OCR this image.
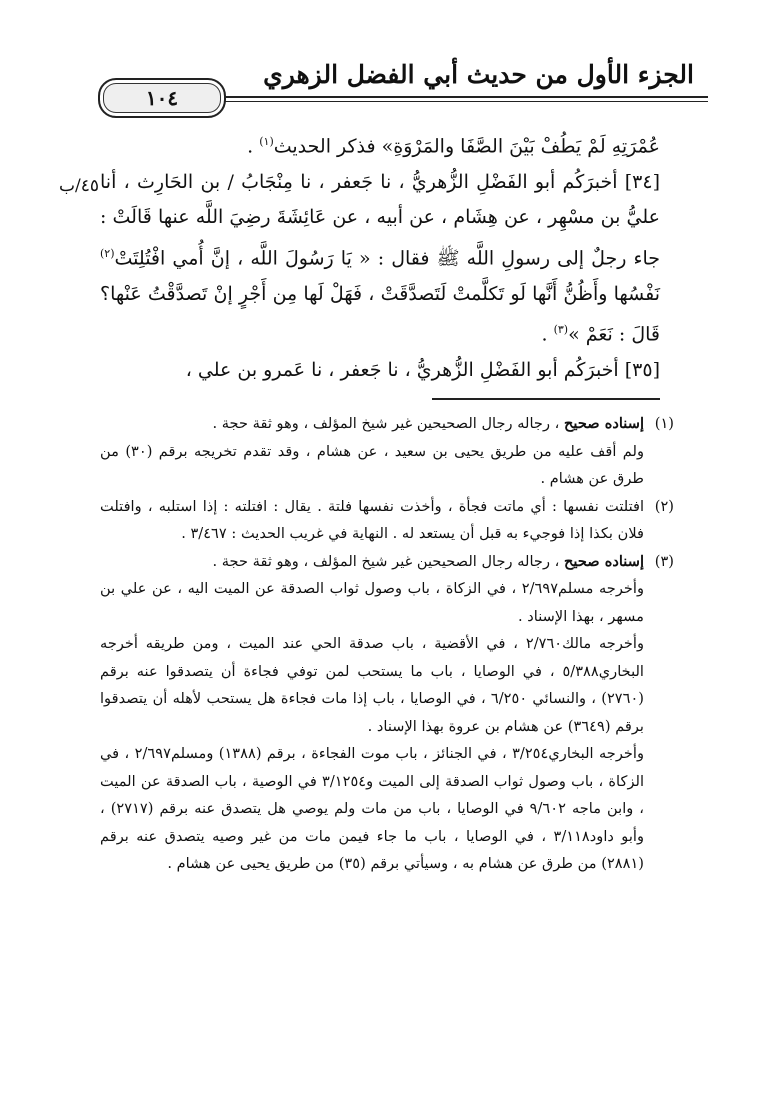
الجزء الأول من حديث أبي الفضل الزهري
١٠٤
٤٥/ب

عُمْرَتِهِ لَمْ يَطُفْ بَيْنَ الصَّفَا والمَرْوَةِ» فذكر الحديث$^{(١)}$ .

[٣٤] أخبرَكُم أبو الفَضْلِ الزُّهريُّ ، نا جَعفر ، نا مِنْجَابُ / بن الحَارِث ، أنا عليُّ بن مسْهِر ، عن هِشَام ، عن أبيه ، عن عَائِشَةَ رضِيَ اللَّه عنها قَالَتْ : جاء رجلٌ إلى رسولِ اللَّه ﷺ فقال : « يَا رَسُولَ اللَّه ، إنَّ أُمي افْتُلِتَتْ$^{(٢)}$ نَفْسُها وأَظُنُّ أَنَّها لَو تَكلَّمتْ لَتَصدَّقَتْ ، فَهَلْ لَها مِن أَجْرٍ إنْ تَصدَّقْتُ عَنْها؟ قَالَ : نَعَمْ »$^{(٣)}$ .

[٣٥] أخبرَكُم أبو الفَضْلِ الزُّهريُّ ، نا جَعفر ، نا عَمرو بن علي ،

(١)

إسناده صحيح ، رجاله رجال الصحيحين غير شيخ المؤلف ، وهو ثقة حجة .

ولم أقف عليه من طريق يحيى بن سعيد ، عن هشام ، وقد تقدم تخريجه برقم (٣٠) من طرق عن هشام .

(٢)

افتلتت نفسها : أي ماتت فجأة ، وأخذت نفسها فلتة . يقال : افتلته : إذا استلبه ، وافتلت فلان بكذا إذا فوجيء به قبل أن يستعد له . النهاية في غريب الحديث : ٣/٤٦٧ .

(٣)

إسناده صحيح ، رجاله رجال الصحيحين غير شيخ المؤلف ، وهو ثقة حجة .

وأخرجه مسلم٢/٦٩٧ ، في الزكاة ، باب وصول ثواب الصدقة عن الميت اليه ، عن علي بن مسهر ، بهذا الإسناد .

وأخرجه مالك٢/٧٦٠ ، في الأقضية ، باب صدقة الحي عند الميت ، ومن طريقه أخرجه البخاري٥/٣٨٨ ، في الوصايا ، باب ما يستحب لمن توفي فجاءة أن يتصدقوا عنه برقم (٢٧٦٠) ، والنسائي ٦/٢٥٠ ، في الوصايا ، باب إذا مات فجاءة هل يستحب لأهله أن يتصدقوا برقم (٣٦٤٩) عن هشام بن عروة بهذا الإسناد .

وأخرجه البخاري٣/٢٥٤ ، في الجنائز ، باب موت الفجاءة ، برقم (١٣٨٨) ومسلم٢/٦٩٧ ، في الزكاة ، باب وصول ثواب الصدقة إلى الميت و٣/١٢٥٤ في الوصية ، باب الصدقة عن الميت ، وابن ماجه ٩/٦٠٢ في الوصايا ، باب من مات ولم يوصي هل يتصدق عنه برقم (٢٧١٧) ، وأبو داود٣/١١٨ ، في الوصايا ، باب ما جاء فيمن مات من غير وصيه يتصدق عنه برقم (٢٨٨١) من طرق عن هشام به ، وسيأتي برقم (٣٥) من طريق يحيى عن هشام .
